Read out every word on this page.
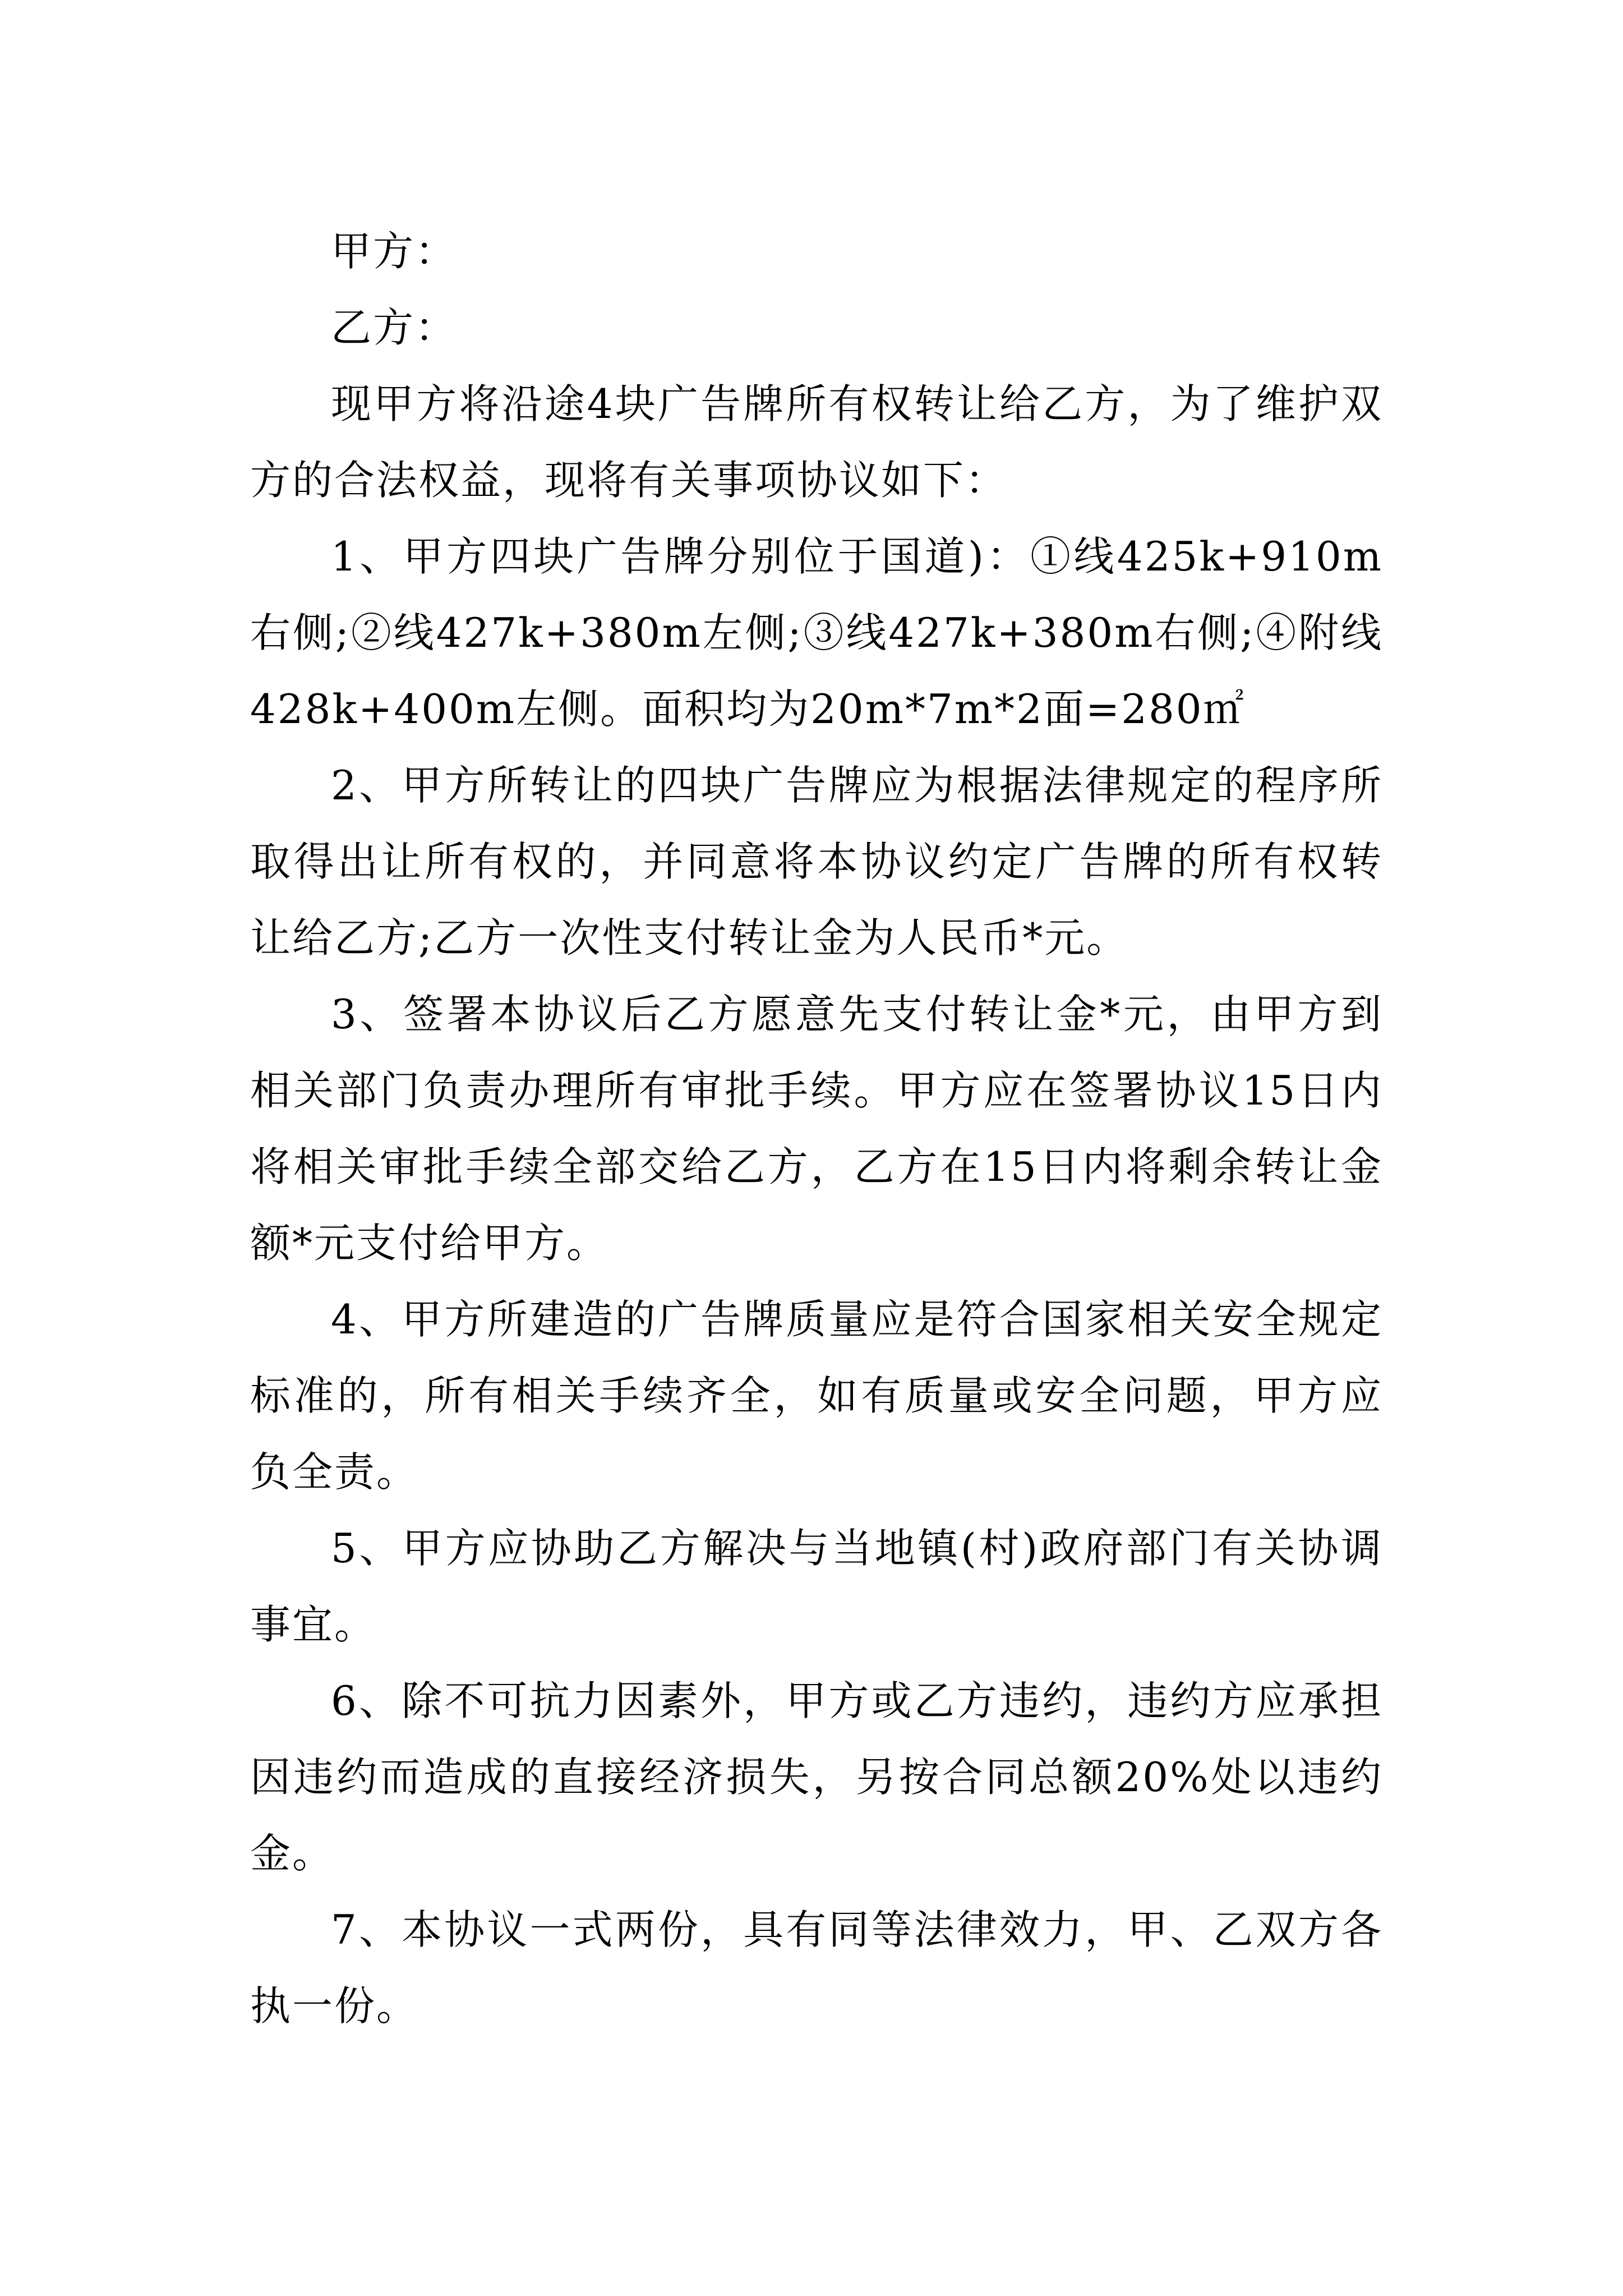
甲方：

乙方：

现甲方将沿途4块广告牌所有权转让给乙方，为了维护双方的合法权益，现将有关事项协议如下：

1、甲方四块广告牌分别位于国道)：①线425k+910m右侧;②线427k+380m左侧;③线427k+380m右侧;④附线428k+400m左侧。面积均为20m*7m*2面=280㎡

2、甲方所转让的四块广告牌应为根据法律规定的程序所取得出让所有权的，并同意将本协议约定广告牌的所有权转让给乙方;乙方一次性支付转让金为人民币*元。

3、签署本协议后乙方愿意先支付转让金*元，由甲方到相关部门负责办理所有审批手续。甲方应在签署协议15日内将相关审批手续全部交给乙方，乙方在15日内将剩余转让金额*元支付给甲方。

4、甲方所建造的广告牌质量应是符合国家相关安全规定标准的，所有相关手续齐全，如有质量或安全问题，甲方应负全责。

5、甲方应协助乙方解决与当地镇(村)政府部门有关协调事宜。

6、除不可抗力因素外，甲方或乙方违约，违约方应承担因违约而造成的直接经济损失，另按合同总额20%处以违约金。

7、本协议一式两份，具有同等法律效力，甲、乙双方各执一份。
